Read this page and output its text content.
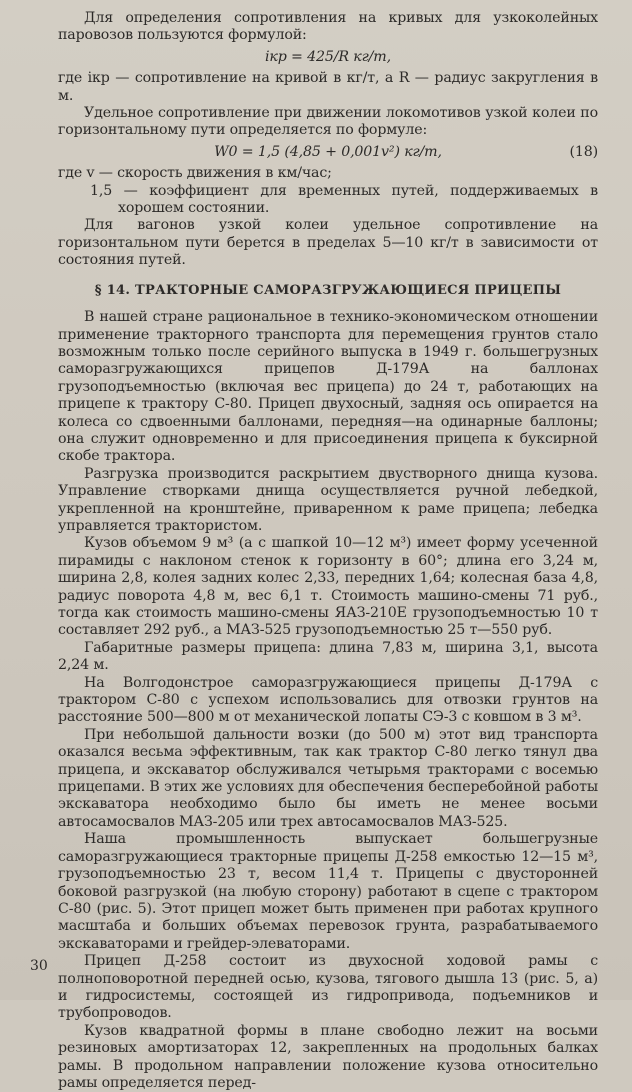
Для определения сопротивления на кривых для узкоколейных паровозов пользуются формулой:

iкр = 425/R кг/т,

где iкр — сопротивление на кривой в кг/т, а R — радиус закругления в м.

Удельное сопротивление при движении локомотивов узкой колеи по горизонтальному пути определяется по формуле:

W0 = 1,5 (4,85 + 0,001v²) кг/т,	(18)

где v — скорость движения в км/час;

1,5 — коэффициент для временных путей, поддерживаемых в хорошем состоянии.

Для вагонов узкой колеи удельное сопротивление на горизонтальном пути берется в пределах 5—10 кг/т в зависимости от состояния путей.

§ 14. ТРАКТОРНЫЕ САМОРАЗГРУЖАЮЩИЕСЯ ПРИЦЕПЫ

В нашей стране рациональное в технико-экономическом отношении применение тракторного транспорта для перемещения грунтов стало возможным только после серийного выпуска в 1949 г. большегрузных саморазгружающихся прицепов Д-179А на баллонах грузоподъемностью (включая вес прицепа) до 24 т, работающих на прицепе к трактору С-80. Прицеп двухосный, задняя ось опирается на колеса со сдвоенными баллонами, передняя—на одинарные баллоны; она служит одновременно и для присоединения прицепа к буксирной скобе трактора.

Разгрузка производится раскрытием двустворного днища кузова. Управление створками днища осуществляется ручной лебедкой, укрепленной на кронштейне, приваренном к раме прицепа; лебедка управляется трактористом.

Кузов объемом 9 м³ (а с шапкой 10—12 м³) имеет форму усеченной пирамиды с наклоном стенок к горизонту в 60°; длина его 3,24 м, ширина 2,8, колея задних колес 2,33, передних 1,64; колесная база 4,8, радиус поворота 4,8 м, вес 6,1 т. Стоимость машино-смены 71 руб., тогда как стоимость машино-смены ЯАЗ-210Е грузоподъемностью 10 т составляет 292 руб., а МАЗ-525 грузоподъемностью 25 т—550 руб.

Габаритные размеры прицепа: длина 7,83 м, ширина 3,1, высота 2,24 м.

На Волгодонстрое саморазгружающиеся прицепы Д-179А с трактором С-80 с успехом использовались для отвозки грунтов на расстояние 500—800 м от механической лопаты СЭ-3 с ковшом в 3 м³.

При небольшой дальности возки (до 500 м) этот вид транспорта оказался весьма эффективным, так как трактор С-80 легко тянул два прицепа, и экскаватор обслуживался четырьмя тракторами с восемью прицепами. В этих же условиях для обеспечения бесперебойной работы экскаватора необходимо было бы иметь не менее восьми автосамосвалов МАЗ-205 или трех автосамосвалов МАЗ-525.

Наша промышленность выпускает большегрузные саморазгружающиеся тракторные прицепы Д-258 емкостью 12—15 м³, грузоподъемностью 23 т, весом 11,4 т. Прицепы с двусторонней боковой разгрузкой (на любую сторону) работают в сцепе с трактором С-80 (рис. 5). Этот прицеп может быть применен при работах крупного масштаба и больших объемах перевозок грунта, разрабатываемого экскаваторами и грейдер-элеваторами.

Прицеп Д-258 состоит из двухосной ходовой рамы с полноповоротной передней осью, кузова, тягового дышла 13 (рис. 5, а) и гидросистемы, состоящей из гидропривода, подъемников и трубопроводов.

Кузов квадратной формы в плане свободно лежит на восьми резиновых амортизаторах 12, закрепленных на продольных балках рамы. В продольном направлении положение кузова относительно рамы определяется перед-

30
